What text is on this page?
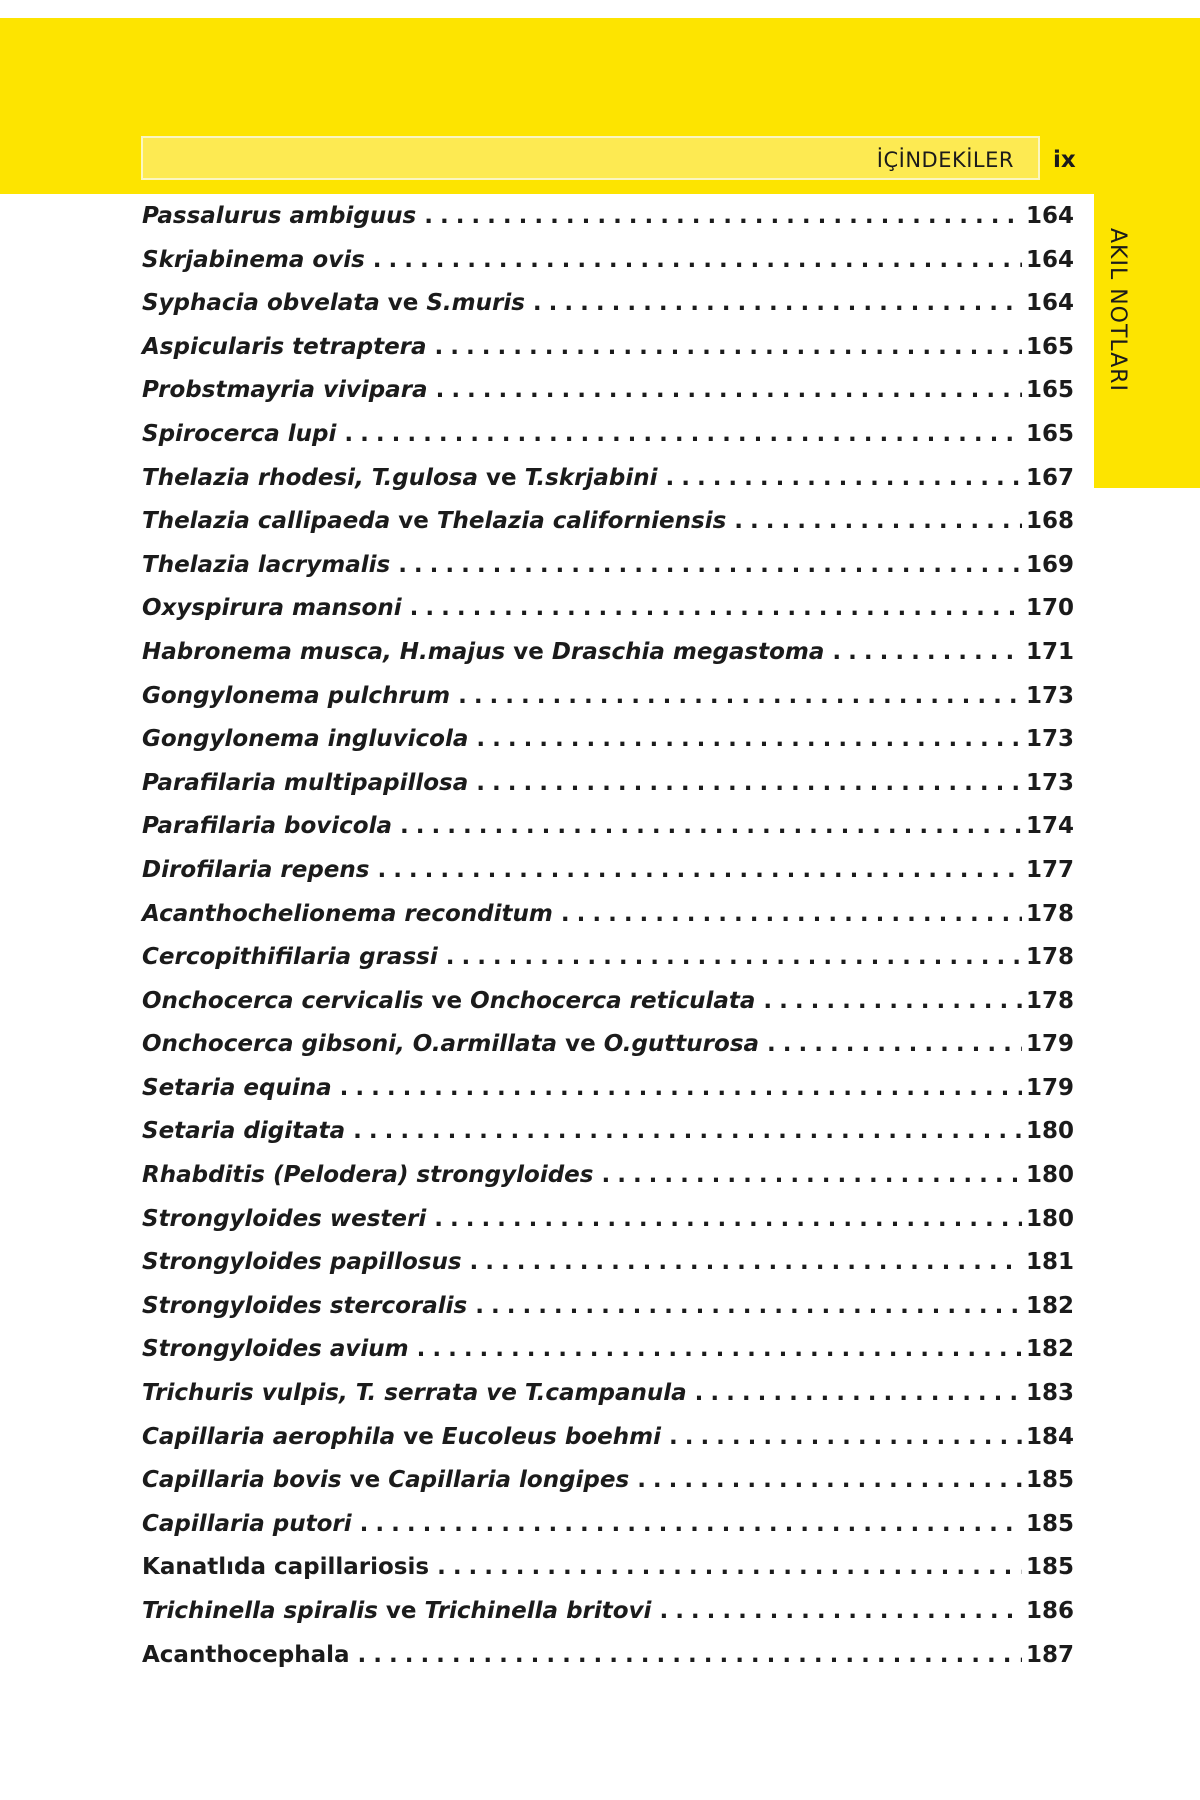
İÇİNDEKİLER ix
AKIL NOTLARI
Passalurus ambiguus .....	164
Skrjabinema ovis .....	164
Syphacia obvelata ve S.muris .....	164
Aspicularis tetraptera .....	165
Probstmayria vivipara .....	165
Spirocerca lupi .....	165
Thelazia rhodesi, T.gulosa ve T.skrjabini .....	167
Thelazia callipaeda ve Thelazia californiensis .....	168
Thelazia lacrymalis .....	169
Oxyspirura mansoni .....	170
Habronema musca, H.majus ve Draschia megastoma .....	171
Gongylonema pulchrum .....	173
Gongylonema ingluvicola .....	173
Parafilaria multipapillosa .....	173
Parafilaria bovicola .....	174
Dirofilaria repens .....	177
Acanthochelionema reconditum .....	178
Cercopithifilaria grassi .....	178
Onchocerca cervicalis ve Onchocerca reticulata .....	178
Onchocerca gibsoni, O.armillata ve O.gutturosa .....	179
Setaria equina .....	179
Setaria digitata .....	180
Rhabditis (Pelodera) strongyloides .....	180
Strongyloides westeri .....	180
Strongyloides papillosus .....	181
Strongyloides stercoralis .....	182
Strongyloides avium .....	182
Trichuris vulpis, T. serrata ve T.campanula .....	183
Capillaria aerophila ve Eucoleus boehmi .....	184
Capillaria bovis ve Capillaria longipes .....	185
Capillaria putori .....	185
Kanatlıda capillariosis .....	185
Trichinella spiralis ve Trichinella britovi .....	186
Acanthocephala .....	187
